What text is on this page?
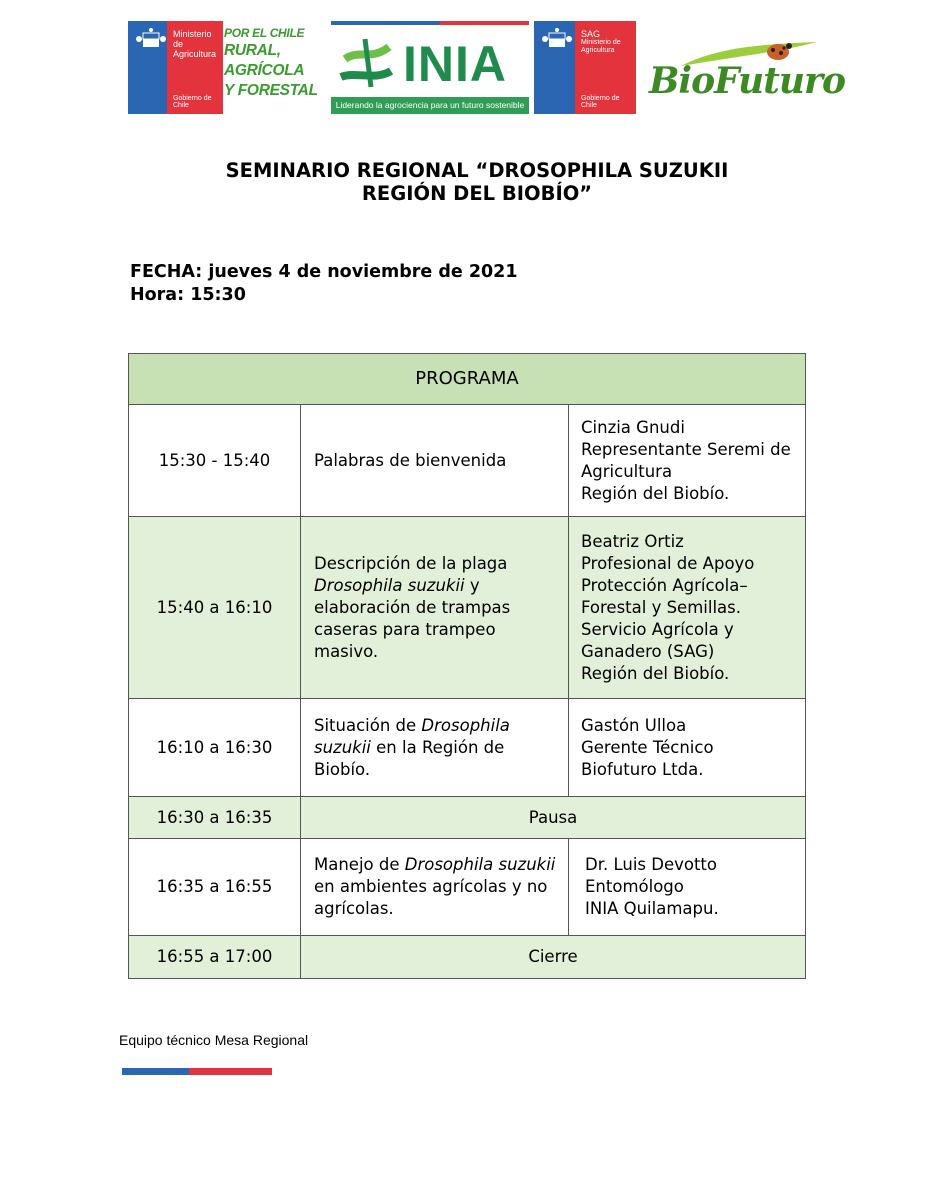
Ministerio de
Agricultura
Gobierno de Chile
POR EL CHILE
RURAL,
AGRÍCOLA
Y FORESTAL INIA
Liderando la agrociencia para un futuro sostenible
SAG
Ministerio de
Agricultura
Gobierno de Chile
BioFuturo
SEMINARIO REGIONAL “DROSOPHILA SUZUKII
REGIÓN DEL BIOBÍO”
FECHA: jueves 4 de noviembre de 2021
Hora: 15:30
PROGRAMA		
15:30 - 15:40	Palabras de bienvenida	Cinzia Gnudi
Representante Seremi de Agricultura
Región del Biobío.

15:40 a 16:10	Descripción de la plaga Drosophila suzukii y elaboración de trampas caseras para trampeo masivo.	Beatriz Ortiz
Profesional de Apoyo Protección Agrícola– Forestal y Semillas.
Servicio Agrícola y Ganadero (SAG)
Región del Biobío.

16:10 a 16:30	Situación de Drosophila suzukii en la Región de Biobío.	Gastón Ulloa
Gerente Técnico
Biofuturo Ltda.

16:30 a 16:35	Pausa	
16:35 a 16:55	Manejo de Drosophila suzukii en ambientes agrícolas y no agrícolas.	Dr. Luis Devotto
Entomólogo
INIA Quilamapu.

16:55 a 17:00	Cierre	
Equipo técnico Mesa Regional
